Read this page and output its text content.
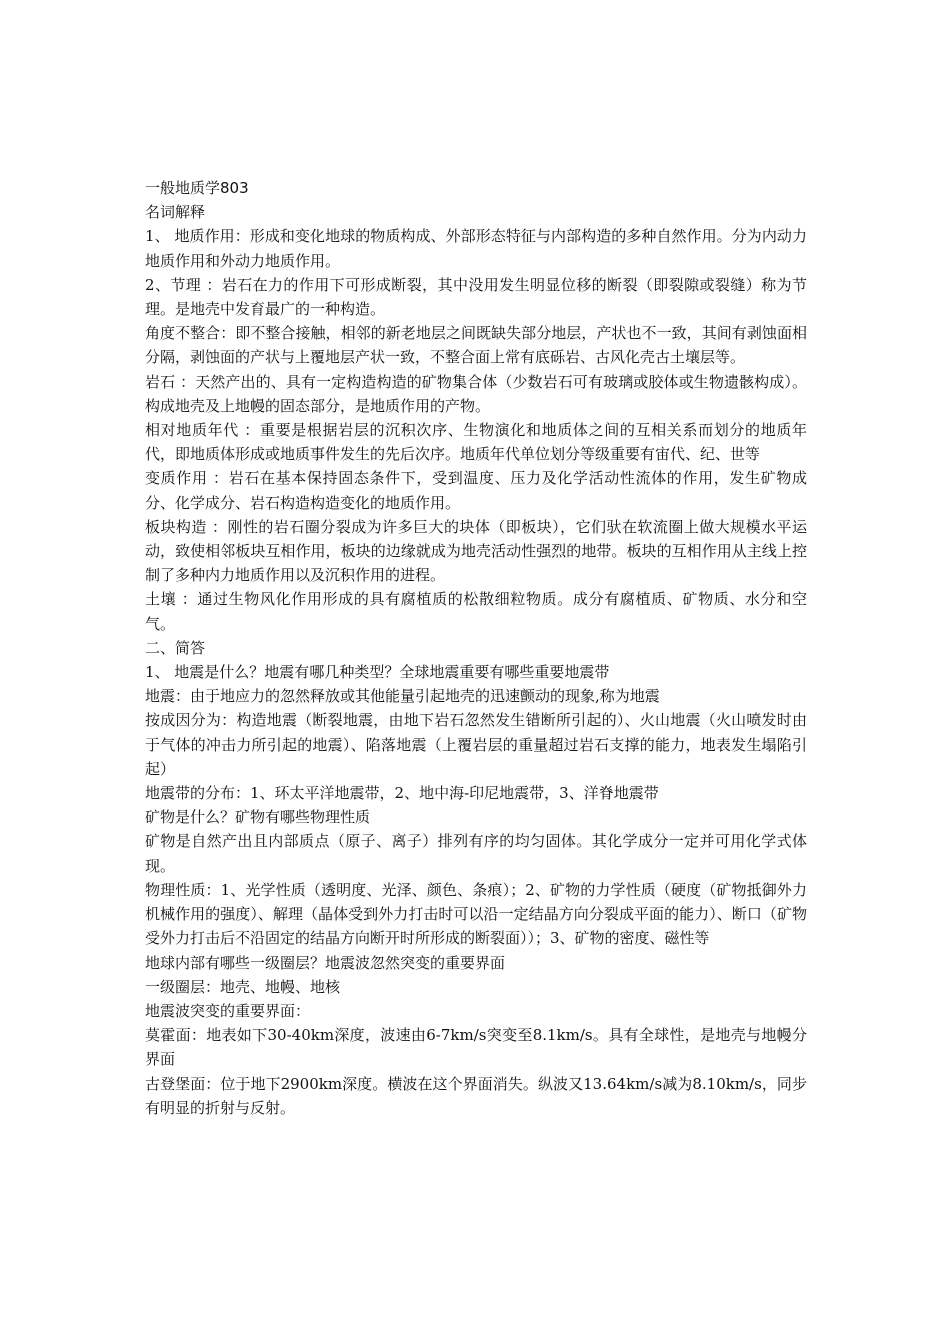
一般地质学803

名词解释

1、 地质作用：形成和变化地球的物质构成、外部形态特征与内部构造的多种自然作用。分为内动力地质作用和外动力地质作用。

2、节理 ：岩石在力的作用下可形成断裂，其中没用发生明显位移的断裂（即裂隙或裂缝）称为节理。是地壳中发育最广的一种构造。

角度不整合：即不整合接触，相邻的新老地层之间既缺失部分地层，产状也不一致，其间有剥蚀面相分隔，剥蚀面的产状与上覆地层产状一致，不整合面上常有底砾岩、古风化壳古土壤层等。

岩石 ：天然产出的、具有一定构造构造的矿物集合体（少数岩石可有玻璃或胶体或生物遗骸构成）。构成地壳及上地幔的固态部分，是地质作用的产物。

相对地质年代 ：重要是根据岩层的沉积次序、生物演化和地质体之间的互相关系而划分的地质年代，即地质体形成或地质事件发生的先后次序。地质年代单位划分等级重要有宙代、纪、世等

变质作用 ：岩石在基本保持固态条件下，受到温度、压力及化学活动性流体的作用，发生矿物成分、化学成分、岩石构造构造变化的地质作用。

板块构造 ：刚性的岩石圈分裂成为许多巨大的块体（即板块），它们驮在软流圈上做大规模水平运动，致使相邻板块互相作用，板块的边缘就成为地壳活动性强烈的地带。板块的互相作用从主线上控制了多种内力地质作用以及沉积作用的进程。

土壤 ：通过生物风化作用形成的具有腐植质的松散细粒物质。成分有腐植质、矿物质、水分和空气。

二、简答

1、 地震是什么？地震有哪几种类型？全球地震重要有哪些重要地震带

地震：由于地应力的忽然释放或其他能量引起地壳的迅速颤动的现象,称为地震

按成因分为：构造地震（断裂地震，由地下岩石忽然发生错断所引起的）、火山地震（火山喷发时由于气体的冲击力所引起的地震）、陷落地震（上覆岩层的重量超过岩石支撑的能力，地表发生塌陷引起）

地震带的分布：1、环太平洋地震带，2、地中海-印尼地震带，3、洋脊地震带

矿物是什么？矿物有哪些物理性质

矿物是自然产出且内部质点（原子、离子）排列有序的均匀固体。其化学成分一定并可用化学式体现。

物理性质：1、光学性质（透明度、光泽、颜色、条痕）；2、矿物的力学性质（硬度（矿物抵御外力机械作用的强度）、解理（晶体受到外力打击时可以沿一定结晶方向分裂成平面的能力）、断口（矿物受外力打击后不沿固定的结晶方向断开时所形成的断裂面））；3、矿物的密度、磁性等

地球内部有哪些一级圈层？地震波忽然突变的重要界面

一级圈层：地壳、地幔、地核

地震波突变的重要界面：

莫霍面：地表如下30-40km深度，波速由6-7km/s突变至8.1km/s。具有全球性，是地壳与地幔分界面

古登堡面：位于地下2900km深度。横波在这个界面消失。纵波又13.64km/s减为8.10km/s，同步有明显的折射与反射。
